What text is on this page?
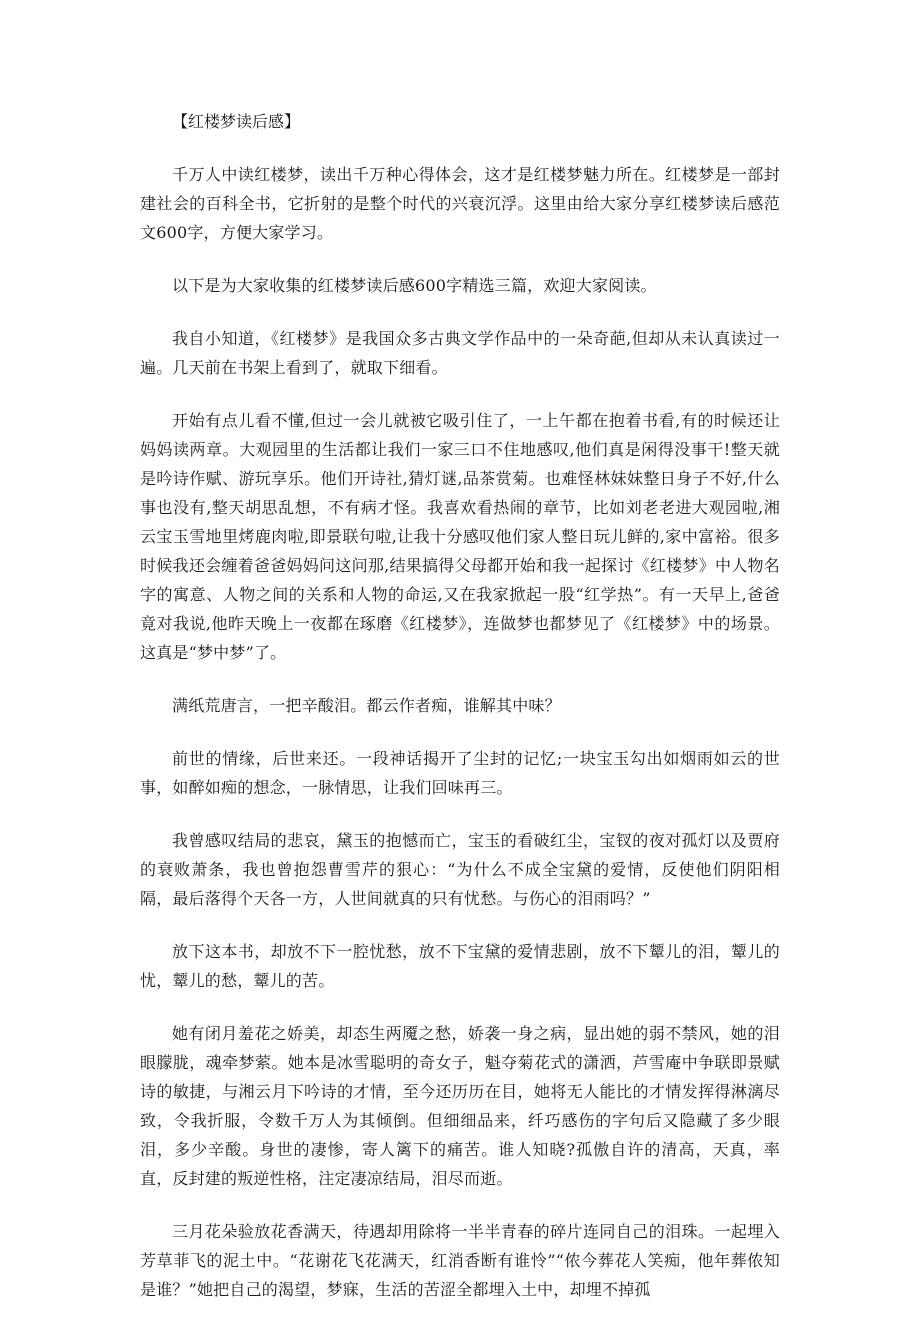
【红楼梦读后感】

千万人中读红楼梦，读出千万种心得体会，这才是红楼梦魅力所在。红楼梦是一部封建社会的百科全书，它折射的是整个时代的兴衰沉浮。这里由给大家分享红楼梦读后感范文600字，方便大家学习。

以下是为大家收集的红楼梦读后感600字精选三篇，欢迎大家阅读。

我自小知道，《红楼梦》是我国众多古典文学作品中的一朵奇葩,但却从未认真读过一遍。几天前在书架上看到了，就取下细看。

开始有点儿看不懂,但过一会儿就被它吸引住了，一上午都在抱着书看,有的时候还让妈妈读两章。大观园里的生活都让我们一家三口不住地感叹,他们真是闲得没事干!整天就是吟诗作赋、游玩享乐。他们开诗社,猜灯谜,品茶赏菊。也难怪林妹妹整日身子不好,什么事也没有,整天胡思乱想，不有病才怪。我喜欢看热闹的章节，比如刘老老进大观园啦,湘云宝玉雪地里烤鹿肉啦,即景联句啦,让我十分感叹他们家人整日玩儿鲜的,家中富裕。很多时候我还会缠着爸爸妈妈问这问那,结果搞得父母都开始和我一起探讨《红楼梦》中人物名字的寓意、人物之间的关系和人物的命运,又在我家掀起一股“红学热”。有一天早上,爸爸竟对我说,他昨天晚上一夜都在琢磨《红楼梦》，连做梦也都梦见了《红楼梦》中的场景。这真是“梦中梦”了。

满纸荒唐言，一把辛酸泪。都云作者痴，谁解其中味？

前世的情缘，后世来还。一段神话揭开了尘封的记忆;一块宝玉勾出如烟雨如云的世事，如醉如痴的想念，一脉情思，让我们回味再三。

我曾感叹结局的悲哀，黛玉的抱憾而亡，宝玉的看破红尘，宝钗的夜对孤灯以及贾府的衰败萧条，我也曾抱怨曹雪芹的狠心：“为什么不成全宝黛的爱情，反使他们阴阳相隔，最后落得个天各一方，人世间就真的只有忧愁。与伤心的泪雨吗？”

放下这本书，却放不下一腔忧愁，放不下宝黛的爱情悲剧，放不下颦儿的泪，颦儿的忧，颦儿的愁，颦儿的苦。

她有闭月羞花之娇美，却态生两魇之愁，娇袭一身之病，显出她的弱不禁风，她的泪眼朦胧，魂牵梦萦。她本是冰雪聪明的奇女子，魁夺菊花式的潇洒，芦雪庵中争联即景赋诗的敏捷，与湘云月下吟诗的才情，至今还历历在目，她将无人能比的才情发挥得淋漓尽致，令我折服，令数千万人为其倾倒。但细细品来，纤巧感伤的字句后又隐藏了多少眼泪，多少辛酸。身世的凄惨，寄人篱下的痛苦。谁人知晓?孤傲自许的清高，天真，率直，反封建的叛逆性格，注定凄凉结局，泪尽而逝。

三月花朵验放花香满天，待遇却用除将一半半青春的碎片连同自己的泪珠。一起埋入芳草菲飞的泥土中。“花谢花飞花满天，红消香断有谁怜”“侬今葬花人笑痴，他年葬侬知是谁？”她把自己的渴望，梦寐，生活的苦涩全都埋入土中，却埋不掉孤
